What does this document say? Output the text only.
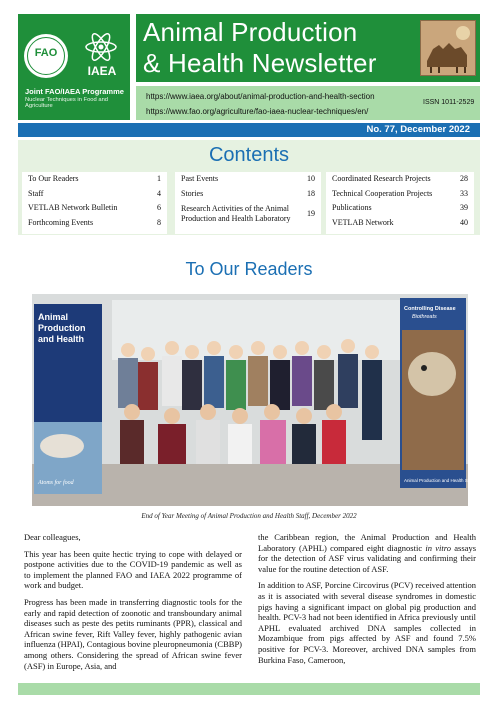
FAO
IAEA
Joint FAO/IAEA Programme
Nuclear Techniques in Food and Agriculture
Animal Production
& Health Newsletter
https://www.iaea.org/about/animal-production-and-health-section
https://www.fao.org/agriculture/fao-iaea-nuclear-techniques/en/
ISSN 1011-2529
No. 77, December 2022
Contents
To Our Readers	1
Staff	4
VETLAB Network Bulletin	6
Forthcoming Events	8
Past Events	10
Stories	18
Research Activities of the Animal
Production and Health Laboratory
19
Coordinated Research Projects	28
Technical Cooperation Projects	33
Publications	39
VETLAB Network	40
To Our Readers
Animal
Production
and Health
Atoms for food
Controlling Disease
Biothreats
Animal Production and Health Section
End of Year Meeting of Animal Production and Health Staff, December 2022

Dear colleagues,

This year has been quite hectic trying to cope with delayed or postpone activities due to the COVID-19 pandemic as well as to implement the planned FAO and IAEA 2022 programme of work and budget.

Progress has been made in transferring diagnostic tools for the early and rapid detection of zoonotic and transboundary animal diseases such as peste des petits ruminants (PPR), classical and African swine fever, Rift Valley fever, highly pathogenic avian influenza (HPAI), Contagious bovine pleuropneumonia (CBBP) among others. Considering the spread of African swine fever (ASF) in Europe, Asia, and

the Caribbean region, the Animal Production and Health Laboratory (APHL) compared eight diagnostic in vitro assays for the detection of ASF virus validating and confirming their value for the routine detection of ASF.

In addition to ASF, Porcine Circovirus (PCV) received attention as it is associated with several disease syndromes in domestic pigs having a significant impact on global pig production and health. PCV-3 had not been identified in Africa previously until APHL evaluated archived DNA samples collected in Mozambique from pigs affected by ASF and found 7.5% positive for PCV-3. Moreover, archived DNA samples from Burkina Faso, Cameroon,
